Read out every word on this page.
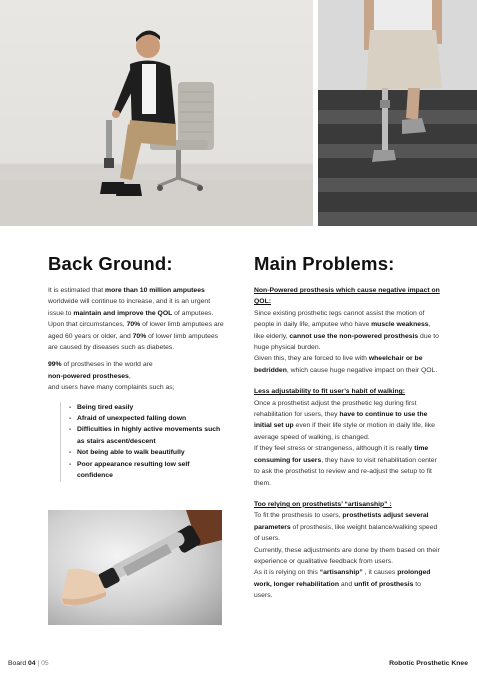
Back Ground:	Main Problems:

It is estimated that more than 10 million amputees worldwide will continue to increase, and it is an urgent issue to maintain and improve the QOL of amputees. Upon that circumstances, 70% of lower limb amputees are aged 60 years or older, and 70% of lower limb amputees are caused by diseases such as diabetes.

99% of prostheses in the world are
non-powered prostheses,
and users have many complaints such as;

- Being tired easily
- Afraid of unexpected falling down
- Difficulties in highly active movements such as stairs ascent/descent
- Not being able to walk beautifully
- Poor appearance resulting low self confidence
Non-Powered prosthesis which cause negative impact on QOL:
Since existing prosthetic legs cannot assist the motion of people in daily life, amputee who have muscle weakness, like elderly, cannot use the non-powered prosthesis due to huge physical burden.
Given this, they are forced to live with wheelchair or be bedridden, which cause huge negative impact on their QOL.
Less adjustability to fit user’s habit of walking:
Once a prosthetist adjust the prosthetic leg during first rehabilitation for users, they have to continue to use the initial set up even if their life style or motion in daily life, like average speed of walking, is changed.
If they feel stress or strangeness, although it is really time consuming for users, they have to visit rehabilitation center to ask the prosthetist to review and re-adjust the setup to fit them.
Too relying on prosthetists’ “artisanship” :
To fit the prosthesis to users, prosthetists adjust several parameters of prosthesis, like weight balance/walking speed of users.
Currently, these adjustments are done by them based on their experience or qualitative feedback from users.
As it is relying on this “artisanship” , it causes prolonged work, longer rehabilitation and unfit of prosthesis to users.
Board 04 | 05	Robotic Prosthetic Knee
